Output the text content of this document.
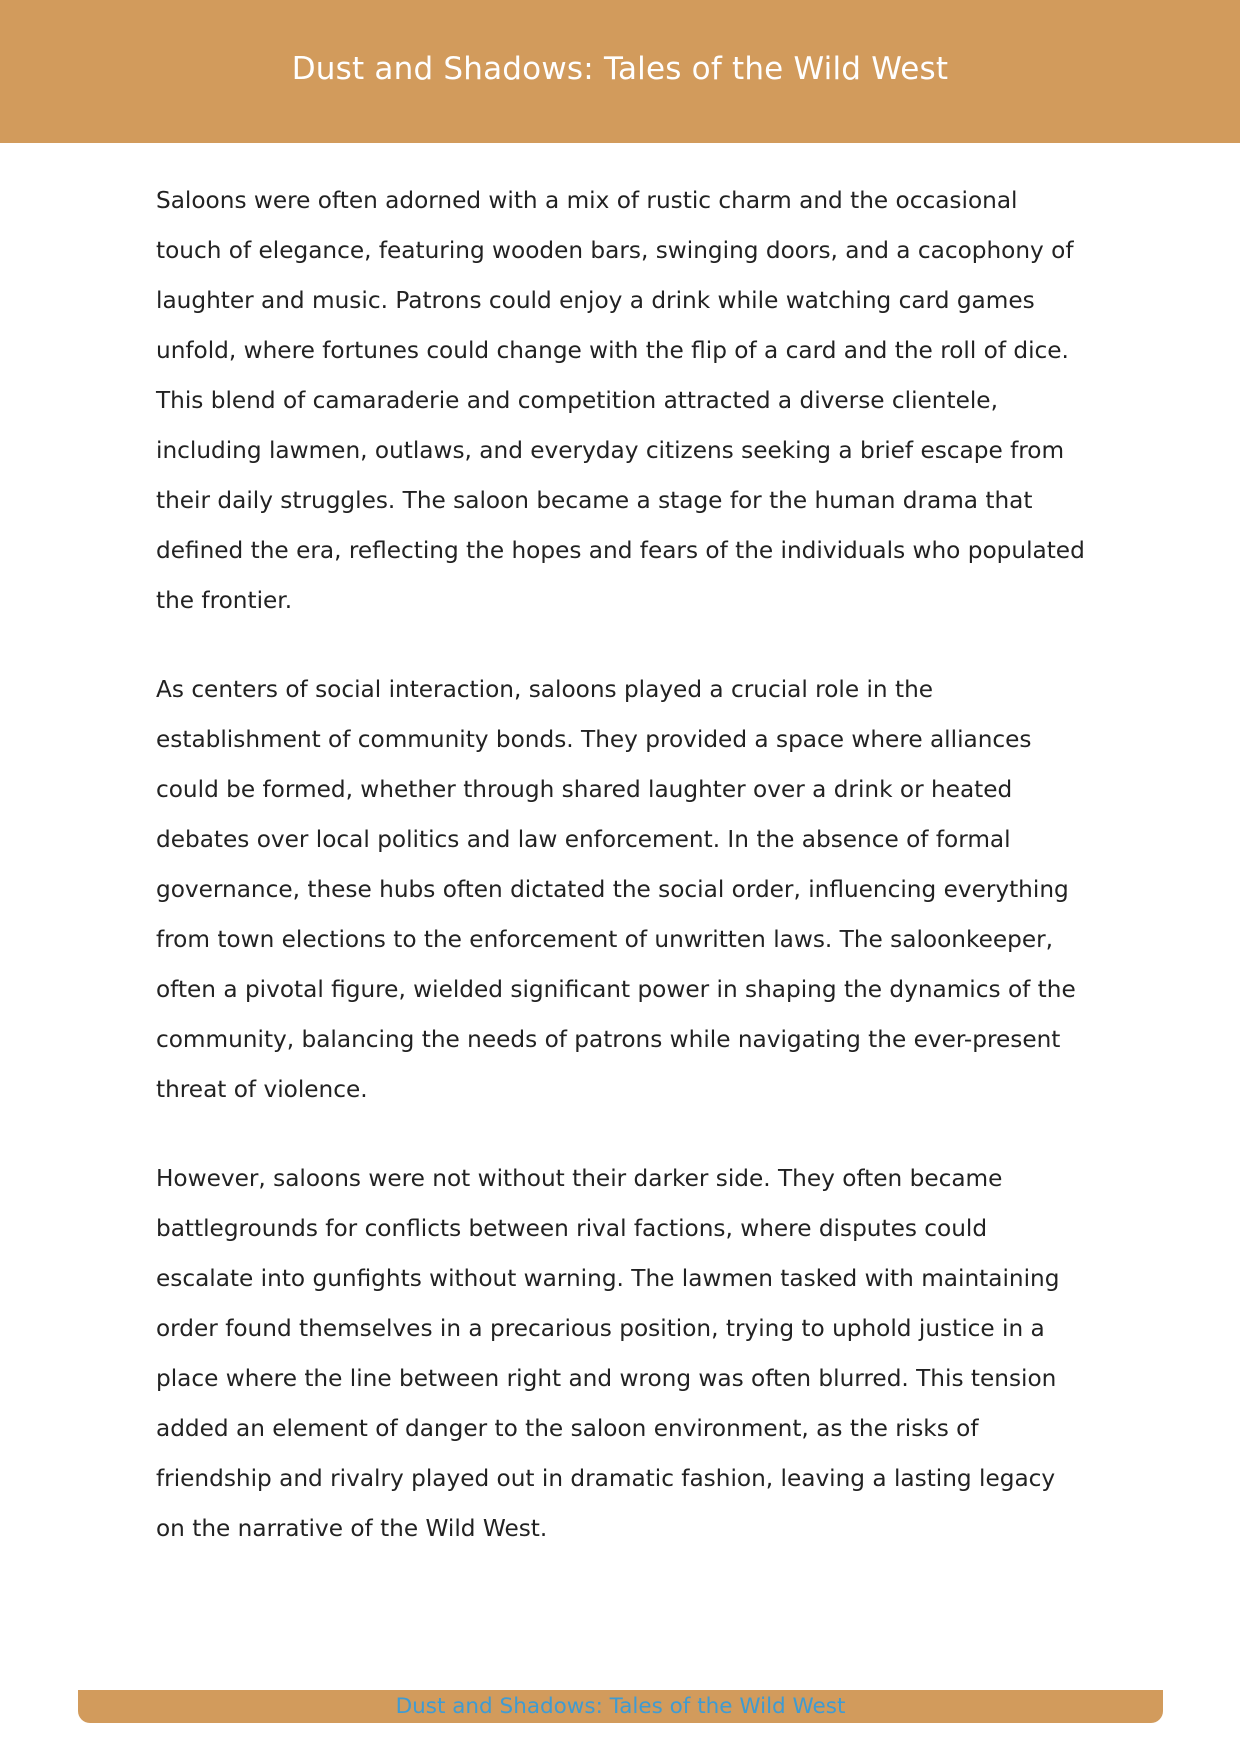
Dust and Shadows: Tales of the Wild West

Saloons were often adorned with a mix of rustic charm and the occasional touch of elegance, featuring wooden bars, swinging doors, and a cacophony of laughter and music. Patrons could enjoy a drink while watching card games unfold, where fortunes could change with the flip of a card and the roll of dice. This blend of camaraderie and competition attracted a diverse clientele, including lawmen, outlaws, and everyday citizens seeking a brief escape from their daily struggles. The saloon became a stage for the human drama that defined the era, reflecting the hopes and fears of the individuals who populated the frontier.

As centers of social interaction, saloons played a crucial role in the establishment of community bonds. They provided a space where alliances could be formed, whether through shared laughter over a drink or heated debates over local politics and law enforcement. In the absence of formal governance, these hubs often dictated the social order, influencing everything from town elections to the enforcement of unwritten laws. The saloonkeeper, often a pivotal figure, wielded significant power in shaping the dynamics of the community, balancing the needs of patrons while navigating the ever-present threat of violence.

However, saloons were not without their darker side. They often became battlegrounds for conflicts between rival factions, where disputes could escalate into gunfights without warning. The lawmen tasked with maintaining order found themselves in a precarious position, trying to uphold justice in a place where the line between right and wrong was often blurred. This tension added an element of danger to the saloon environment, as the risks of friendship and rivalry played out in dramatic fashion, leaving a lasting legacy on the narrative of the Wild West.

Dust and Shadows: Tales of the Wild West
